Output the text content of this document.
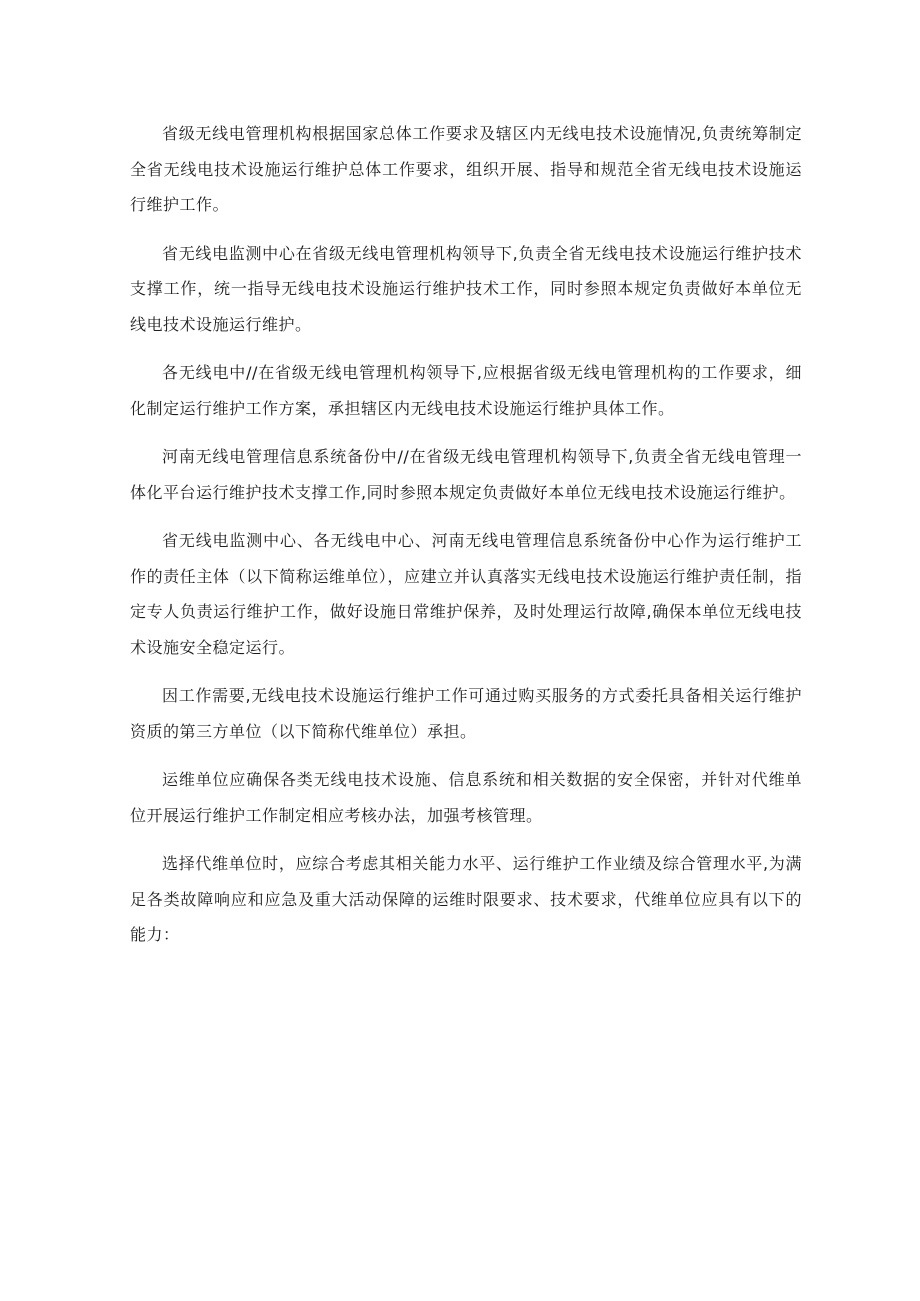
省级无线电管理机构根据国家总体工作要求及辖区内无线电技术设施情况,负责统筹制定全省无线电技术设施运行维护总体工作要求，组织开展、指导和规范全省无线电技术设施运行维护工作。

省无线电监测中心在省级无线电管理机构领导下,负责全省无线电技术设施运行维护技术支撑工作，统一指导无线电技术设施运行维护技术工作，同时参照本规定负责做好本单位无线电技术设施运行维护。

各无线电中//在省级无线电管理机构领导下,应根据省级无线电管理机构的工作要求，细化制定运行维护工作方案，承担辖区内无线电技术设施运行维护具体工作。

河南无线电管理信息系统备份中//在省级无线电管理机构领导下,负责全省无线电管理一体化平台运行维护技术支撑工作,同时参照本规定负责做好本单位无线电技术设施运行维护。

省无线电监测中心、各无线电中心、河南无线电管理信息系统备份中心作为运行维护工作的责任主体（以下简称运维单位），应建立并认真落实无线电技术设施运行维护责任制，指定专人负责运行维护工作，做好设施日常维护保养，及时处理运行故障,确保本单位无线电技术设施安全稳定运行。

因工作需要,无线电技术设施运行维护工作可通过购买服务的方式委托具备相关运行维护资质的第三方单位（以下简称代维单位）承担。

运维单位应确保各类无线电技术设施、信息系统和相关数据的安全保密，并针对代维单位开展运行维护工作制定相应考核办法，加强考核管理。

选择代维单位时，应综合考虑其相关能力水平、运行维护工作业绩及综合管理水平,为满足各类故障响应和应急及重大活动保障的运维时限要求、技术要求，代维单位应具有以下的能力：
